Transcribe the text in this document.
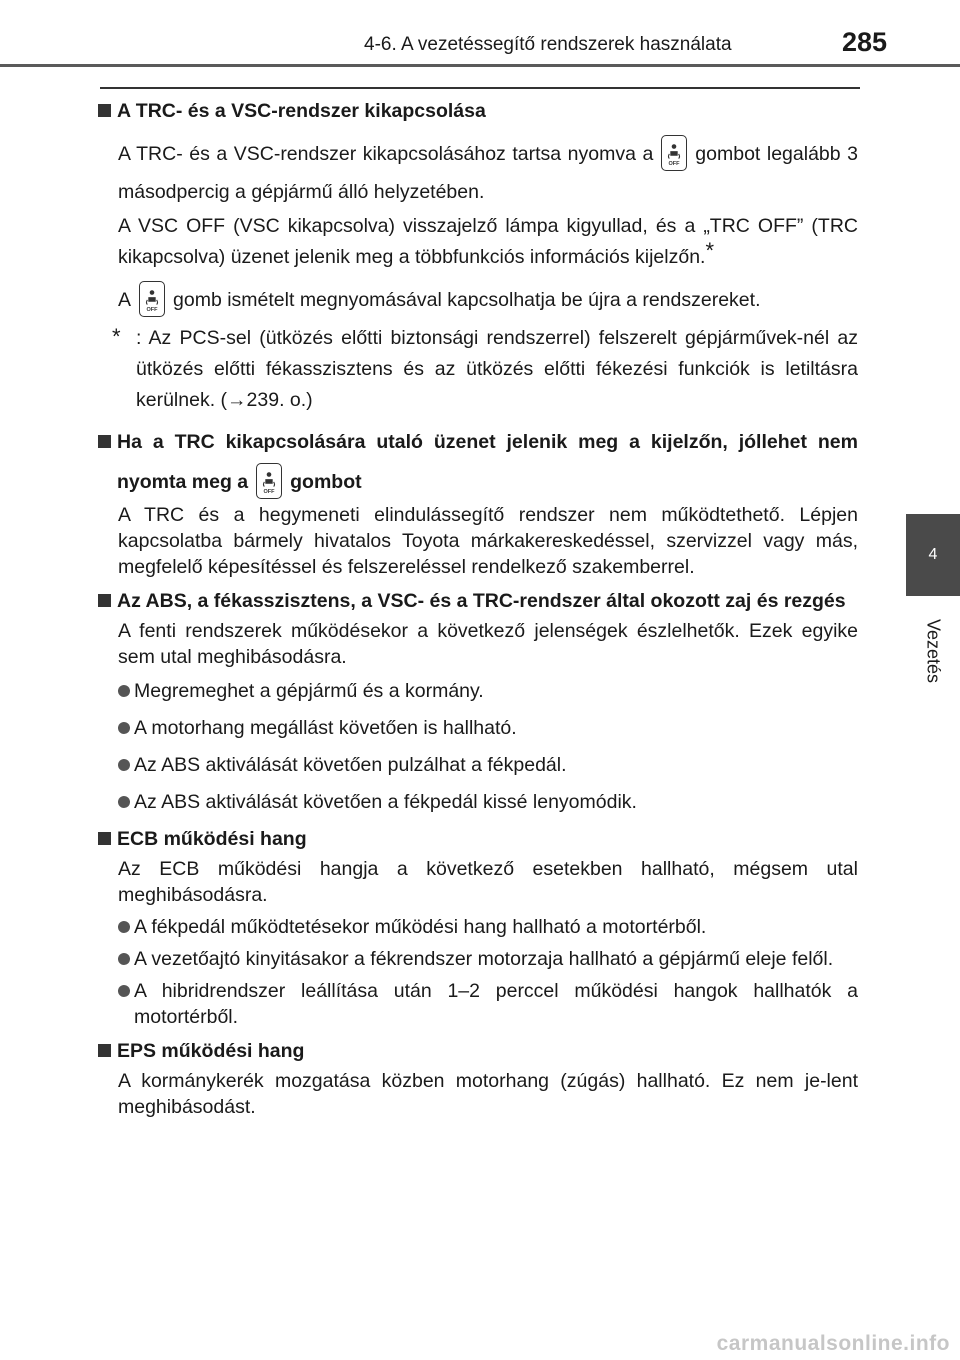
4-6. A vezetéssegítő rendszerek használata	285
4
Vezetés
A TRC- és a VSC-rendszer kikapcsolása

A TRC- és a VSC-rendszer kikapcsolásához tartsa nyomva a	OFF gombot legalább 3 másodpercig a gépjármű álló helyzetében.

A VSC OFF (VSC kikapcsolva) visszajelző lámpa kigyullad, és a „TRC OFF” (TRC kikapcsolva) üzenet jelenik meg a többfunkciós információs kijelzőn.*

A	OFF gomb ismételt megnyomásával kapcsolhatja be újra a rendszereket.

* : Az PCS-sel (ütközés előtti biztonsági rendszerrel) felszerelt gépjárművek-nél az ütközés előtti fékasszisztens és az ütközés előtti fékezési funkciók is letiltásra kerülnek. (→239. o.)
Ha a TRC kikapcsolására utaló üzenet jelenik meg a kijelzőn, jóllehet nem nyomta meg a	OFF gombot

A TRC és a hegymeneti elindulássegítő rendszer nem működtethető. Lépjen kapcsolatba bármely hivatalos Toyota márkakereskedéssel, szervizzel vagy más, megfelelő képesítéssel és felszereléssel rendelkező szakemberrel.

Az ABS, a fékasszisztens, a VSC- és a TRC-rendszer által okozott zaj és rezgés

A fenti rendszerek működésekor a következő jelenségek észlelhetők. Ezek egyike sem utal meghibásodásra.

Megremeghet a gépjármű és a kormány.
A motorhang megállást követően is hallható.
Az ABS aktiválását követően pulzálhat a fékpedál.
Az ABS aktiválását követően a fékpedál kissé lenyomódik.
ECB működési hang

Az ECB működési hangja a következő esetekben hallható, mégsem utal meghibásodásra.

A fékpedál működtetésekor működési hang hallható a motortérből.
A vezetőajtó kinyitásakor a fékrendszer motorzaja hallható a gépjármű eleje felől.
A hibridrendszer leállítása után 1–2 perccel működési hangok hallhatók a motortérből.
EPS működési hang

A kormánykerék mozgatása közben motorhang (zúgás) hallható. Ez nem je-lent meghibásodást.

carmanualsonline.info
